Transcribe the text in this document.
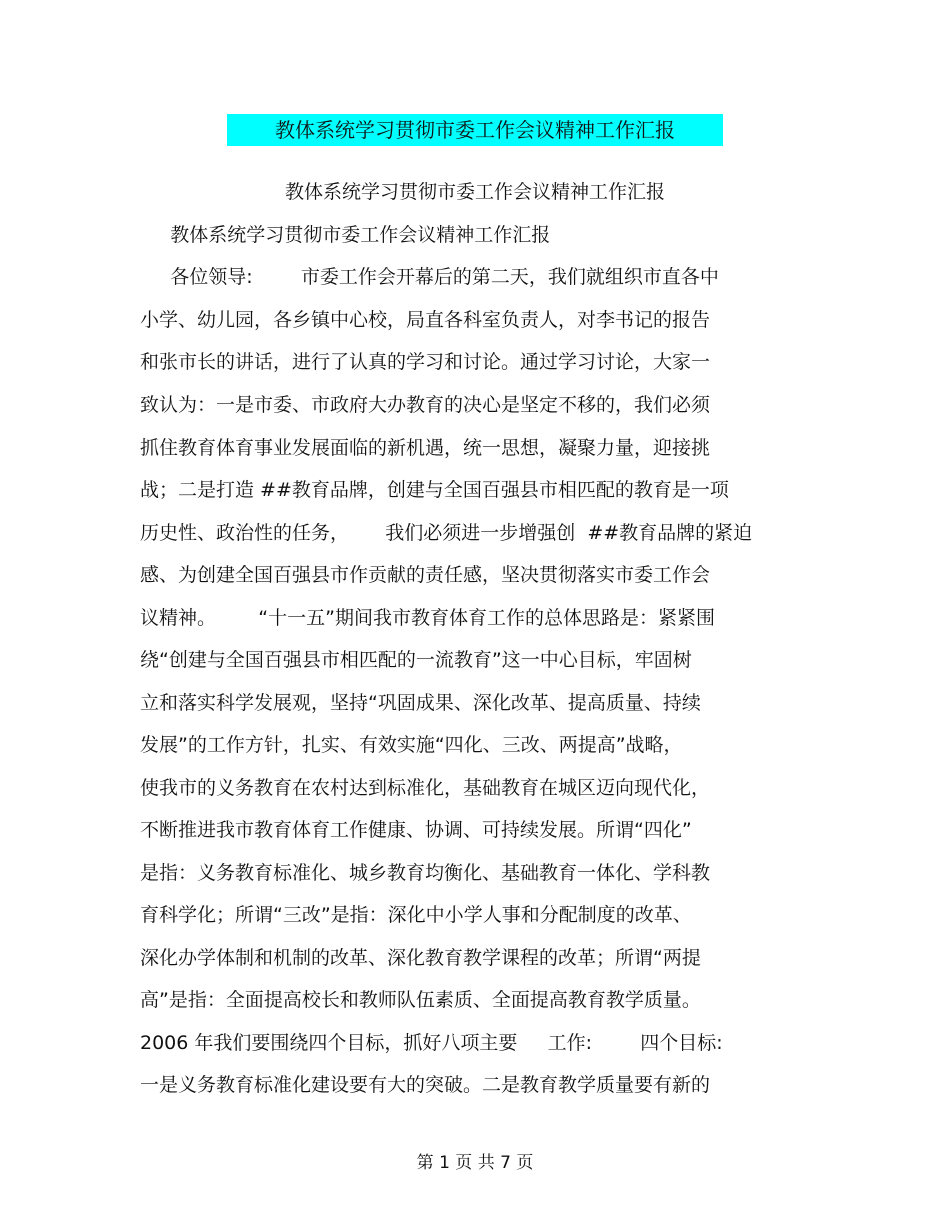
教体系统学习贯彻市委工作会议精神工作汇报
教体系统学习贯彻市委工作会议精神工作汇报
教体系统学习贯彻市委工作会议精神工作汇报
各位领导:        市委工作会开幕后的第二天，我们就组织市直各中
小学、幼儿园，各乡镇中心校，局直各科室负责人，对李书记的报告
和张市长的讲话，进行了认真的学习和讨论。通过学习讨论，大家一
致认为：一是市委、市政府大办教育的决心是坚定不移的，我们必须
抓住教育体育事业发展面临的新机遇，统一思想，凝聚力量，迎接挑
战；二是打造 ##教育品牌，创建与全国百强县市相匹配的教育是一项
历史性、政治性的任务，      我们必须进一步增强创  ##教育品牌的紧迫
感、为创建全国百强县市作贡献的责任感，坚决贯彻落实市委工作会
议精神。       “十一五”期间我市教育体育工作的总体思路是：紧紧围
绕“创建与全国百强县市相匹配的一流教育”这一中心目标，牢固树
立和落实科学发展观，坚持“巩固成果、深化改革、提高质量、持续
发展”的工作方针，扎实、有效实施“四化、三改、两提高”战略，
使我市的义务教育在农村达到标准化，基础教育在城区迈向现代化，
不断推进我市教育体育工作健康、协调、可持续发展。所谓“四化”
是指：义务教育标准化、城乡教育均衡化、基础教育一体化、学科教
育科学化；所谓“三改”是指：深化中小学人事和分配制度的改革、
深化办学体制和机制的改革、深化教育教学课程的改革；所谓“两提
高”是指：全面提高校长和教师队伍素质、全面提高教育教学质量。
2006 年我们要围绕四个目标，抓好八项主要     工作:        四个目标:
一是义务教育标准化建设要有大的突破。二是教育教学质量要有新的
第 1 页 共 7 页
